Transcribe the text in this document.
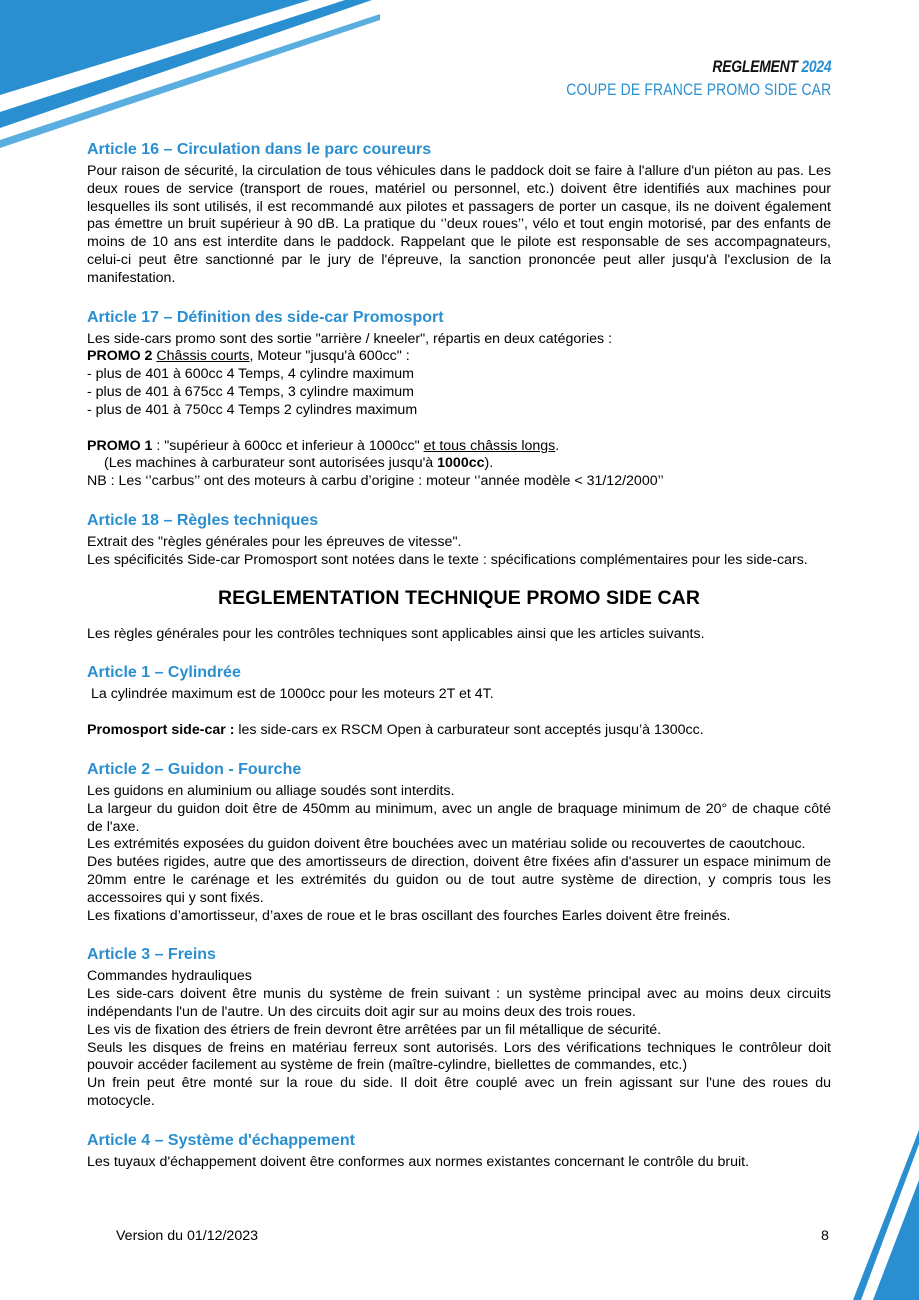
REGLEMENT 2024
COUPE DE FRANCE PROMO SIDE CAR
Article 16 – Circulation dans le parc coureurs

Pour raison de sécurité, la circulation de tous véhicules dans le paddock doit se faire à l'allure d'un piéton au pas. Les deux roues de service (transport de roues, matériel ou personnel, etc.) doivent être identifiés aux machines pour lesquelles ils sont utilisés, il est recommandé aux pilotes et passagers de porter un casque, ils ne doivent également pas émettre un bruit supérieur à 90 dB. La pratique du ‘’deux roues’’, vélo et tout engin motorisé, par des enfants de moins de 10 ans est interdite dans le paddock. Rappelant que le pilote est responsable de ses accompagnateurs, celui-ci peut être sanctionné par le jury de l'épreuve, la sanction prononcée peut aller jusqu'à l'exclusion de la manifestation.

Article 17 – Définition des side-car Promosport

Les side-cars promo sont des sortie "arrière / kneeler", répartis en deux catégories :

PROMO 2 Châssis courts, Moteur "jusqu'à 600cc" :

- plus de 401 à 600cc 4 Temps, 4 cylindre maximum

- plus de 401 à 675cc 4 Temps, 3 cylindre maximum

- plus de 401 à 750cc 4 Temps 2 cylindres maximum

PROMO 1 : "supérieur à 600cc et inferieur à 1000cc" et tous châssis longs.

(Les machines à carburateur sont autorisées jusqu'à 1000cc).

NB : Les ‘’carbus’’ ont des moteurs à carbu d’origine : moteur ‘’année modèle < 31/12/2000’’

Article 18 – Règles techniques

Extrait des "règles générales pour les épreuves de vitesse".

Les spécificités Side-car Promosport sont notées dans le texte : spécifications complémentaires pour les side-cars.

REGLEMENTATION TECHNIQUE PROMO SIDE CAR

Les règles générales pour les contrôles techniques sont applicables ainsi que les articles suivants.

Article 1 – Cylindrée

La cylindrée maximum est de 1000cc pour les moteurs 2T et 4T.

Promosport side-car : les side-cars ex RSCM Open à carburateur sont acceptés jusqu’à 1300cc.

Article 2 – Guidon - Fourche

Les guidons en aluminium ou alliage soudés sont interdits.

La largeur du guidon doit être de 450mm au minimum, avec un angle de braquage minimum de 20° de chaque côté de l'axe.

Les extrémités exposées du guidon doivent être bouchées avec un matériau solide ou recouvertes de caoutchouc.

Des butées rigides, autre que des amortisseurs de direction, doivent être fixées afin d'assurer un espace minimum de 20mm entre le carénage et les extrémités du guidon ou de tout autre système de direction, y compris tous les accessoires qui y sont fixés.

Les fixations d’amortisseur, d’axes de roue et le bras oscillant des fourches Earles doivent être freinés.

Article 3 – Freins

Commandes hydrauliques

Les side-cars doivent être munis du système de frein suivant : un système principal avec au moins deux circuits indépendants l'un de l'autre. Un des circuits doit agir sur au moins deux des trois roues.

Les vis de fixation des étriers de frein devront être arrêtées par un fil métallique de sécurité.

Seuls les disques de freins en matériau ferreux sont autorisés. Lors des vérifications techniques le contrôleur doit pouvoir accéder facilement au système de frein (maître-cylindre, biellettes de commandes, etc.)

Un frein peut être monté sur la roue du side. Il doit être couplé avec un frein agissant sur l'une des roues du motocycle.

Article 4 – Système d'échappement

Les tuyaux d'échappement doivent être conformes aux normes existantes concernant le contrôle du bruit.

Version du 01/12/2023	8
